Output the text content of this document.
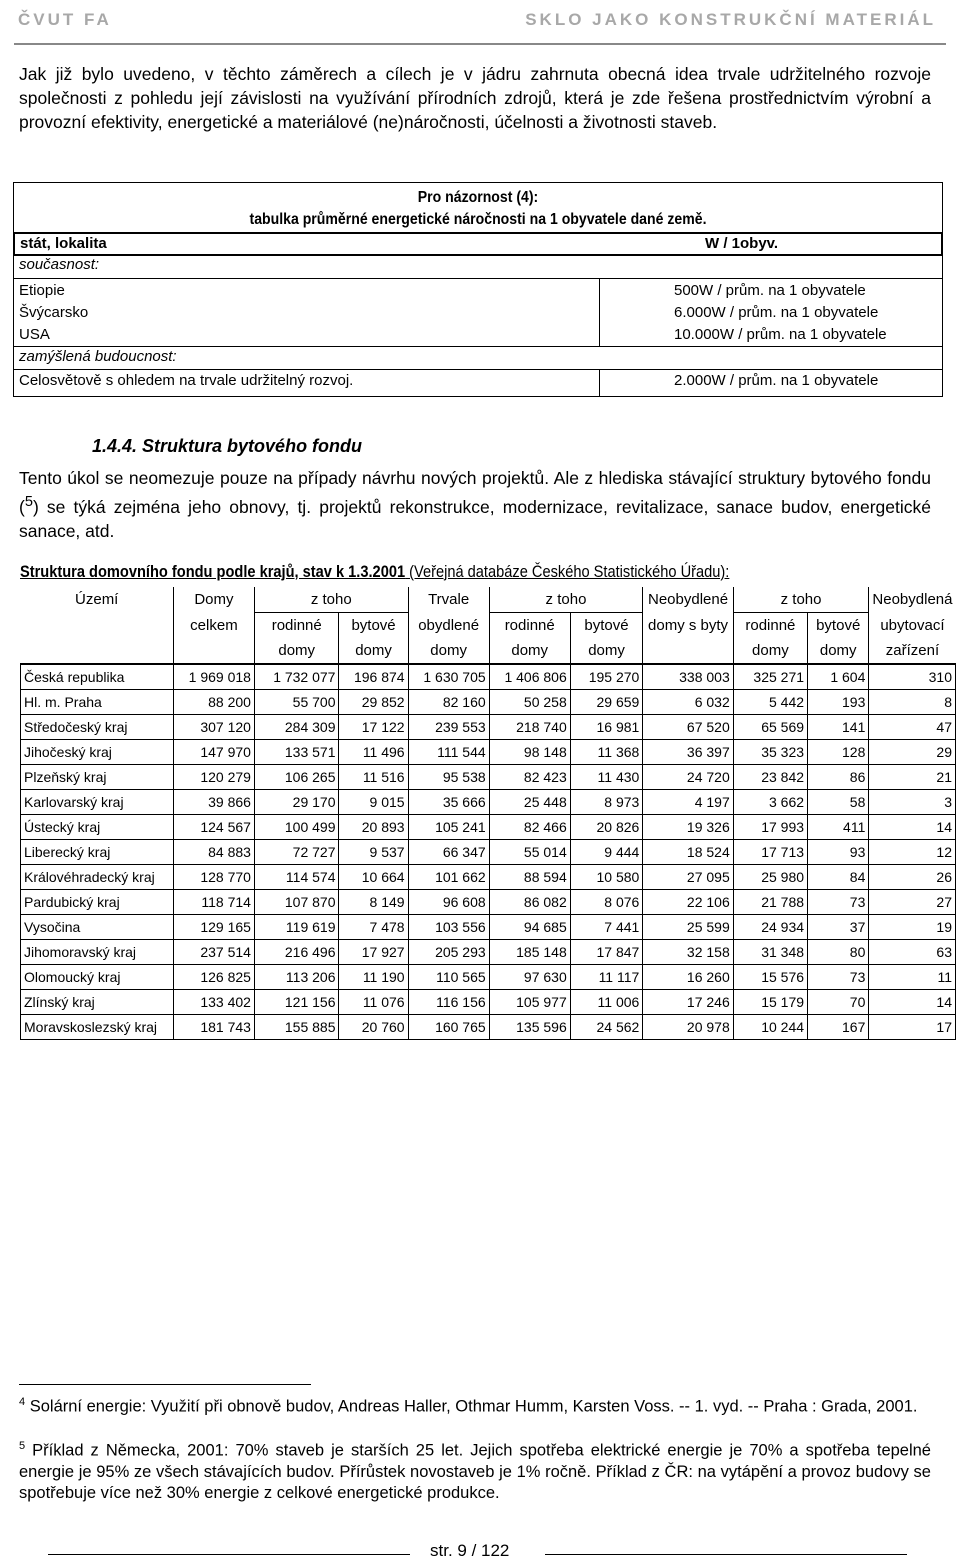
ČVUT FA	SKLO JAKO KONSTRUKČNÍ MATERIÁL
Jak již bylo uvedeno, v těchto záměrech a cílech je v jádru zahrnuta obecná idea trvale udržitelného rozvoje společnosti z pohledu její závislosti na využívání přírodních zdrojů, která je zde řešena prostřednictvím výrobní a provozní efektivity, energetické a materiálové (ne)náročnosti, účelnosti a životnosti staveb.
Pro názornost (4):
tabulka průměrné energetické náročnosti na 1 obyvatele dané země.
stát, lokalita	W / 1obyv.
současnost:
Etiopie	500W / prům. na 1 obyvatele
Švýcarsko	6.000W / prům. na 1 obyvatele
USA	10.000W / prům. na 1 obyvatele
zamýšlená budoucnost:
Celosvětově s ohledem na trvale udržitelný rozvoj.	2.000W / prům. na 1 obyvatele
1.4.4. Struktura bytového fondu
Tento úkol se neomezuje pouze na případy návrhu nových projektů. Ale z hlediska stávající struktury bytového fondu ($^5$) se týká zejména jeho obnovy, tj. projektů rekonstrukce, modernizace, revitalizace, sanace budov, energetické sanace, atd.
Struktura domovního fondu podle krajů, stav k 1.3.2001 (Veřejná databáze Českého Statistického Úřadu):
Území	Domy	z toho		Trvale	z toho		Neobydlené	z toho		Neobydlená
	celkem	rodinné	bytové	obydlené	rodinné	bytové	domy s byty	rodinné	bytové	ubytovací
		domy	domy	domy	domy	domy		domy	domy	zařízení
Česká republika	1 969 018	1 732 077	196 874	1 630 705	1 406 806	195 270	338 003	325 271	1 604	310
Hl. m. Praha	88 200	55 700	29 852	82 160	50 258	29 659	6 032	5 442	193	8
Středočeský kraj	307 120	284 309	17 122	239 553	218 740	16 981	67 520	65 569	141	47
Jihočeský kraj	147 970	133 571	11 496	111 544	98 148	11 368	36 397	35 323	128	29
Plzeňský kraj	120 279	106 265	11 516	95 538	82 423	11 430	24 720	23 842	86	21
Karlovarský kraj	39 866	29 170	9 015	35 666	25 448	8 973	4 197	3 662	58	3
Ústecký kraj	124 567	100 499	20 893	105 241	82 466	20 826	19 326	17 993	411	14
Liberecký kraj	84 883	72 727	9 537	66 347	55 014	9 444	18 524	17 713	93	12
Královéhradecký kraj	128 770	114 574	10 664	101 662	88 594	10 580	27 095	25 980	84	26
Pardubický kraj	118 714	107 870	8 149	96 608	86 082	8 076	22 106	21 788	73	27
Vysočina	129 165	119 619	7 478	103 556	94 685	7 441	25 599	24 934	37	19
Jihomoravský kraj	237 514	216 496	17 927	205 293	185 148	17 847	32 158	31 348	80	63
Olomoucký kraj	126 825	113 206	11 190	110 565	97 630	11 117	16 260	15 576	73	11
Zlínský kraj	133 402	121 156	11 076	116 156	105 977	11 006	17 246	15 179	70	14
Moravskoslezský kraj	181 743	155 885	20 760	160 765	135 596	24 562	20 978	10 244	167	17
$^4$ Solární energie: Využití při obnově budov, Andreas Haller, Othmar Humm, Karsten Voss. -- 1. vyd. -- Praha : Grada, 2001.
$^5$ Příklad z Německa, 2001: 70% staveb je starších 25 let. Jejich spotřeba elektrické energie je 70% a spotřeba tepelné energie je 95% ze všech stávajících budov. Přírůstek novostaveb je 1% ročně. Příklad z ČR: na vytápění a provoz budovy se spotřebuje více než 30% energie z celkové energetické produkce.
str. 9 / 122
